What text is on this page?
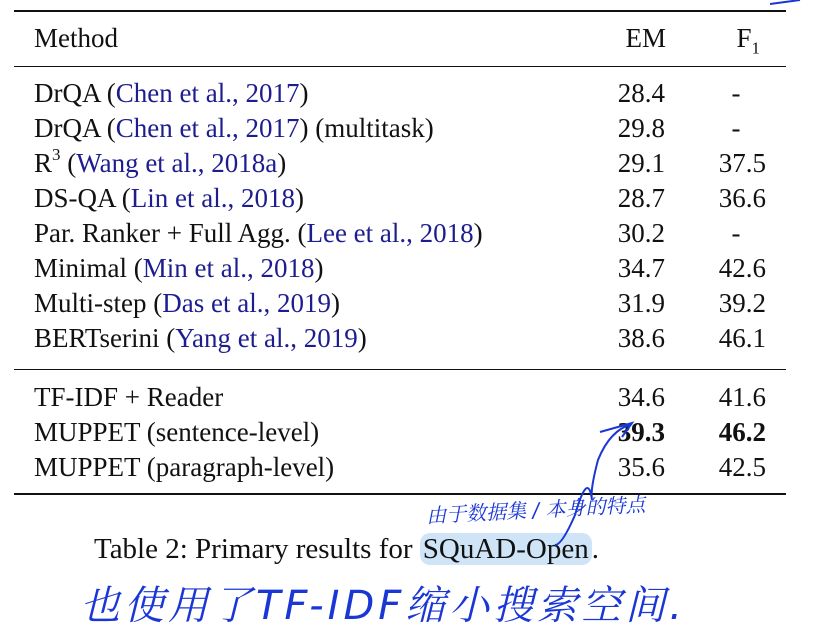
Method	EM	$F_1$
DrQA (Chen et al., 2017)	28.4	-
DrQA (Chen et al., 2017) (multitask)	29.8	-
$R^3$ (Wang et al., 2018a)	29.1	37.5
DS-QA (Lin et al., 2018)	28.7	36.6
Par. Ranker + Full Agg. (Lee et al., 2018)	30.2	-
Minimal (Min et al., 2018)	34.7	42.6
Multi-step (Das et al., 2019)	31.9	39.2
BERTserini (Yang et al., 2019)	38.6	46.1
TF-IDF + Reader	34.6	41.6
MUPPET (sentence-level)	39.3	46.2
MUPPET (paragraph-level)	35.6	42.5
Table 2: Primary results for SQuAD-Open .
由于数据集 / 本身的特点
也使用了TF-IDF缩小搜索空间.
